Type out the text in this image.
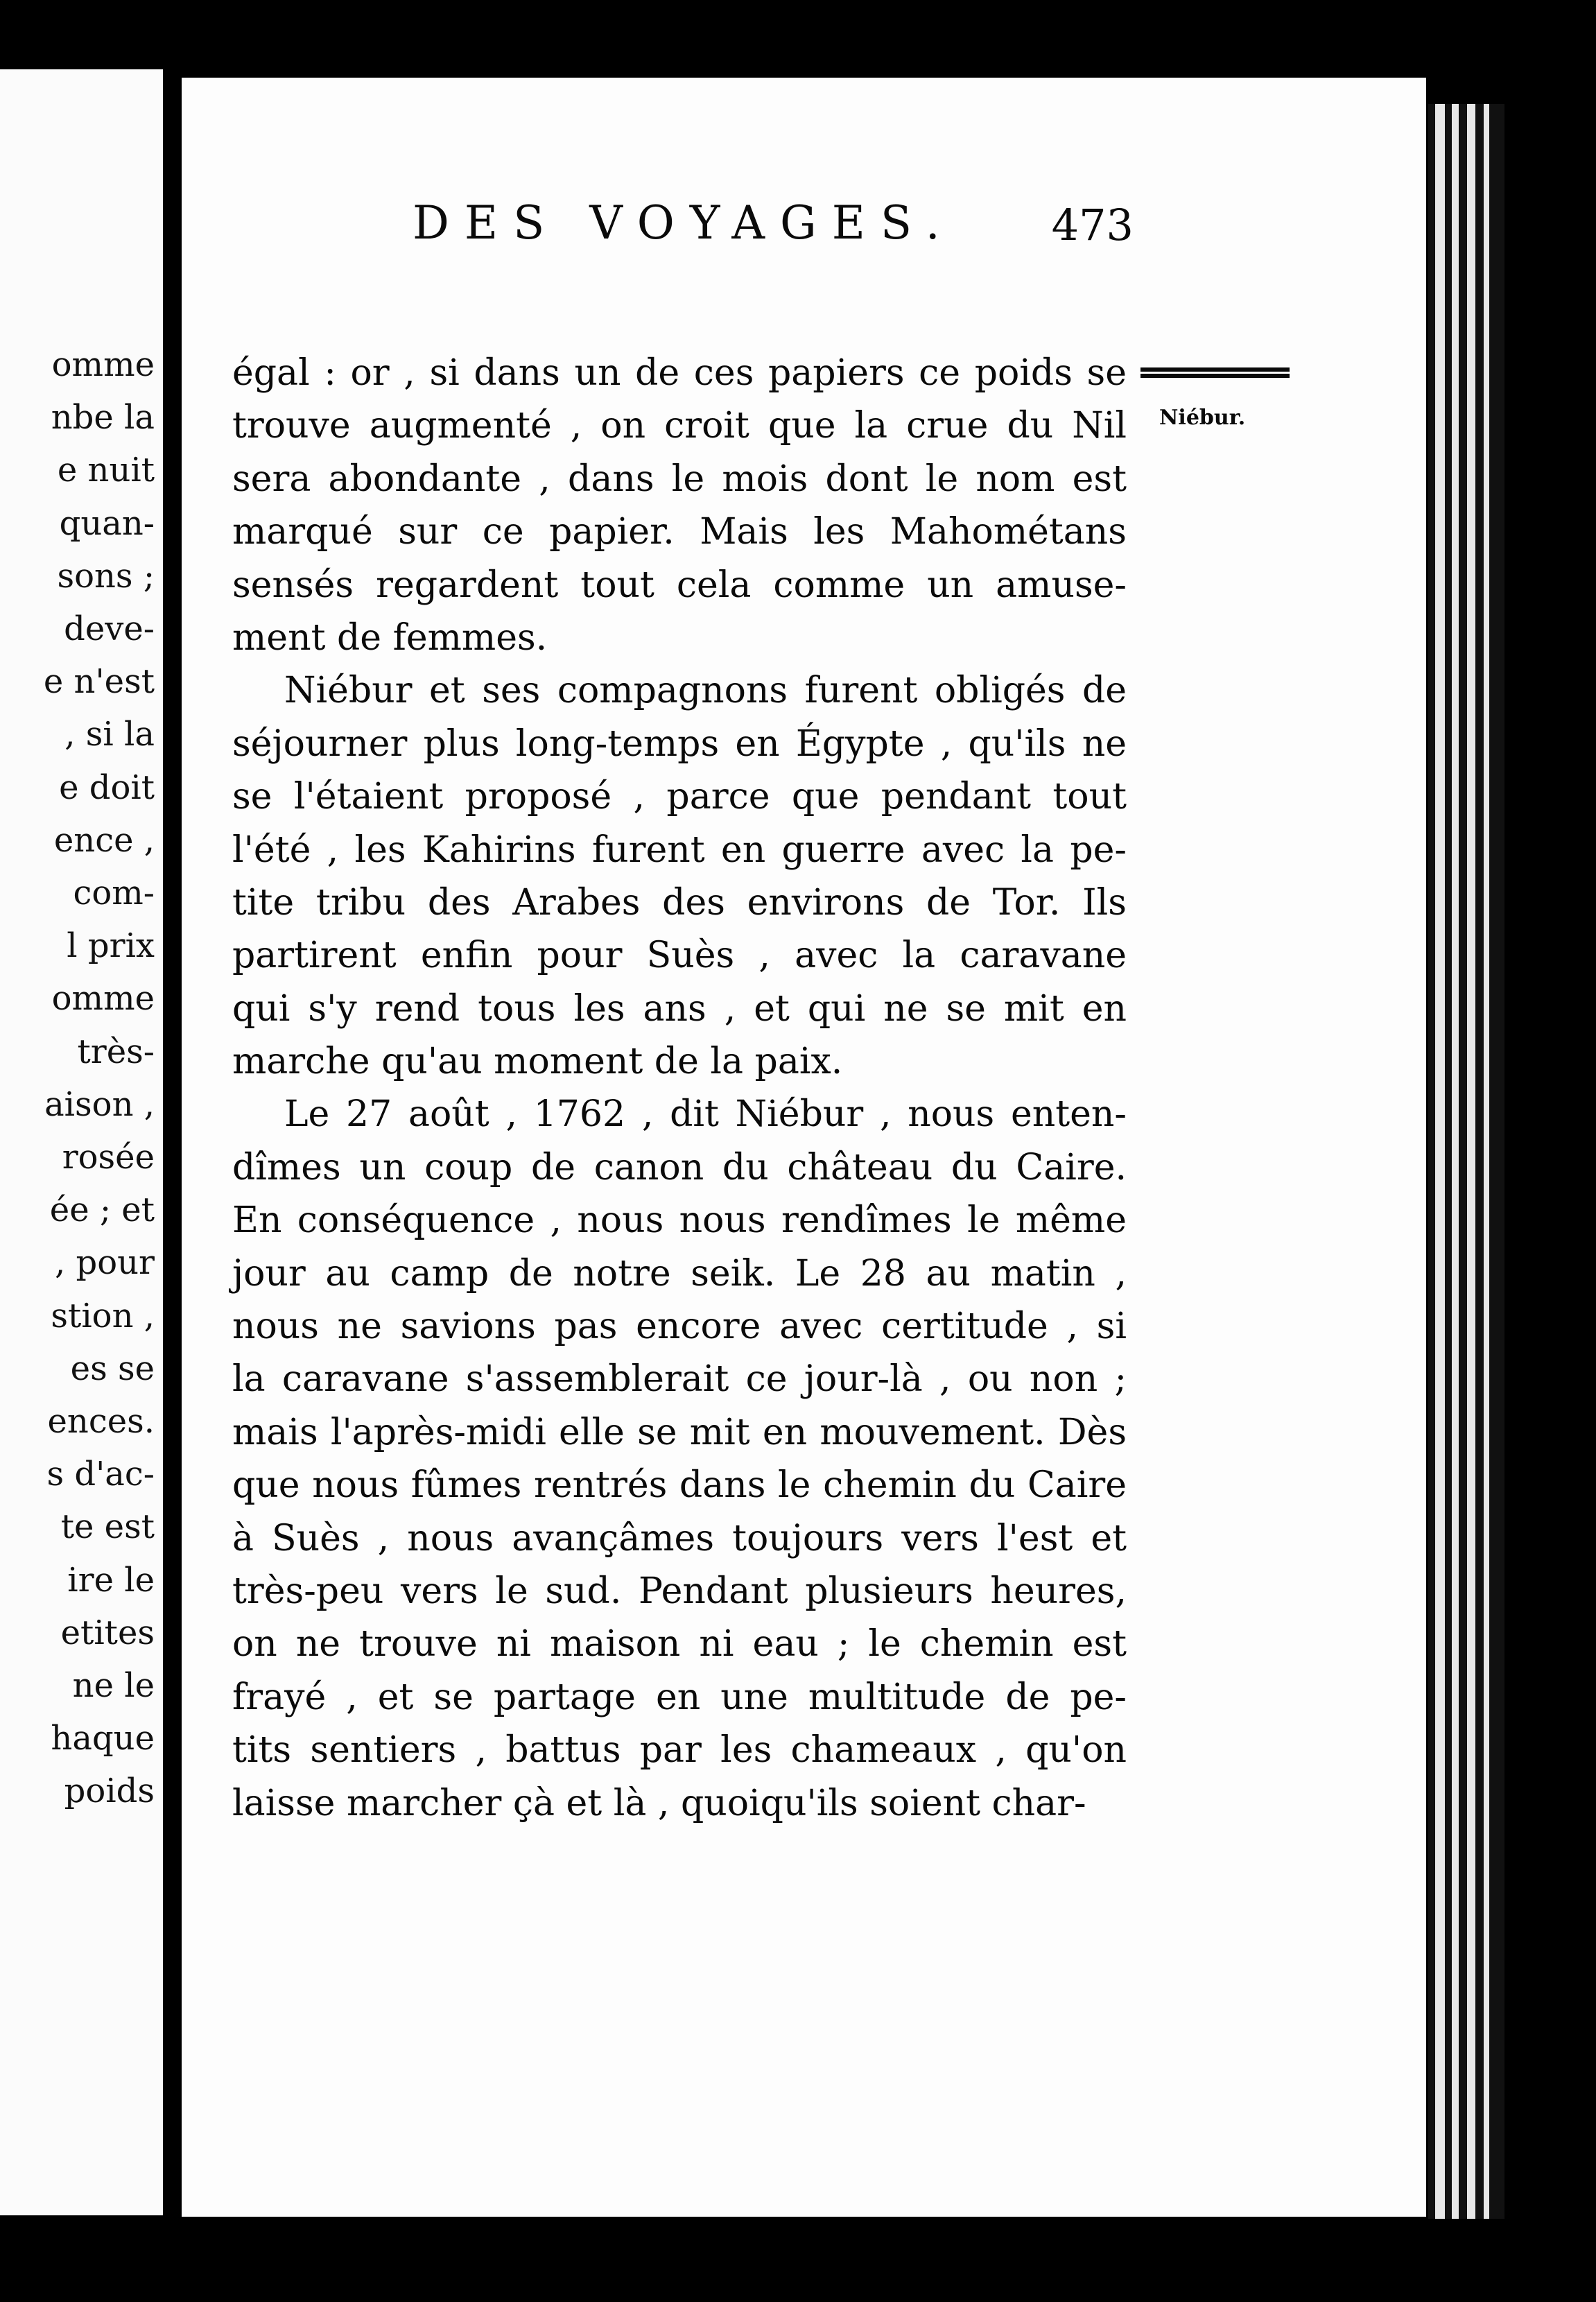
omme
nbe la
e nuit
quan-
sons ;
deve-
e n'est
, si la
e doit
ence ,
com-
l prix
omme
très-
aison ,
rosée
ée ; et
, pour
stion ,
es se
ences.
s d'ac-
te est
ire le
etites
ne le
haque
poids
DES VOYAGES. 473
Niébur.

égal : or , si dans un de ces papiers ce poids se
trouve augmenté , on croit que la crue du Nil
sera abondante , dans le mois dont le nom est
marqué sur ce papier. Mais les Mahométans
sensés regardent tout cela comme un amuse-
ment de femmes.

Niébur et ses compagnons furent obligés de
séjourner plus long-temps en Égypte , qu'ils ne
se l'étaient proposé , parce que pendant tout
l'été , les Kahirins furent en guerre avec la pe-
tite tribu des Arabes des environs de Tor. Ils
partirent enfin pour Suès , avec la caravane
qui s'y rend tous les ans , et qui ne se mit en
marche qu'au moment de la paix.

Le 27 août , 1762 , dit Niébur , nous enten-
dîmes un coup de canon du château du Caire.
En conséquence , nous nous rendîmes le même
jour au camp de notre seik. Le 28 au matin ,
nous ne savions pas encore avec certitude , si
la caravane s'assemblerait ce jour-là , ou non ;
mais l'après-midi elle se mit en mouvement. Dès
que nous fûmes rentrés dans le chemin du Caire
à Suès , nous avançâmes toujours vers l'est et
très-peu vers le sud. Pendant plusieurs heures,
on ne trouve ni maison ni eau ; le chemin est
frayé , et se partage en une multitude de pe-
tits sentiers , battus par les chameaux , qu'on
laisse marcher çà et là , quoiqu'ils soient char-
